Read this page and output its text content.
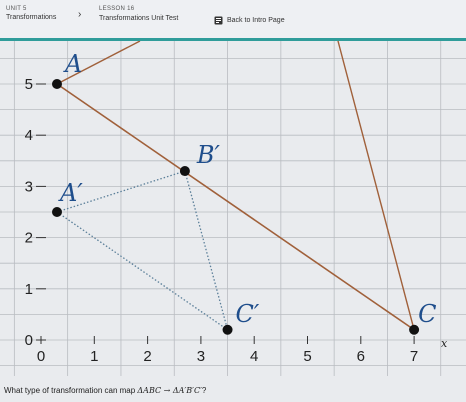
UNIT 5
Transformations ›	LESSON 16
Transformations Unit Test	Back to Intro Page
0	1	2	3	4	5	6	7
0
1
2
3
4
5
A
B′
A′
C′	C
x
What type of transformation can map ΔABC → ΔA′B′C′?
